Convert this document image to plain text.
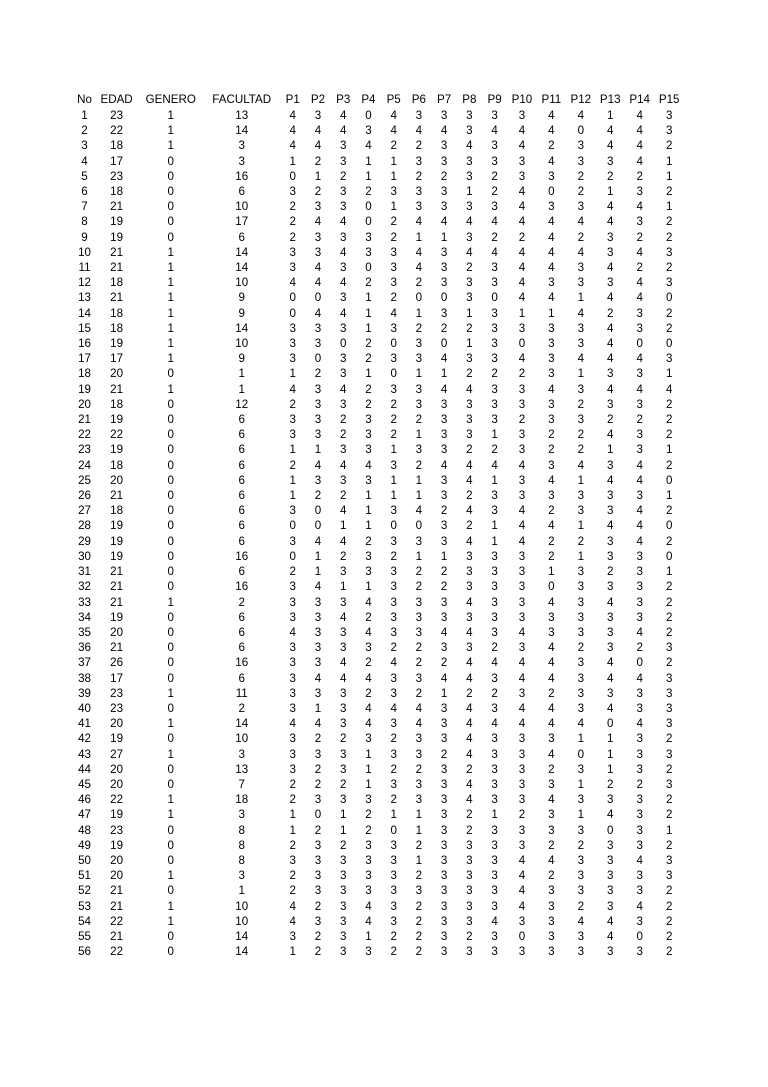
No	EDAD	GENERO	FACULTAD	P1	P2	P3	P4	P5	P6	P7	P8	P9	P10	P11	P12	P13	P14	P15
1	23	1	13	4	3	4	0	4	3	3	3	3	3	4	4	1	4	3
2	22	1	14	4	4	4	3	4	4	4	3	4	4	4	0	4	4	3
3	18	1	3	4	4	3	4	2	2	3	4	3	4	2	3	4	4	2
4	17	0	3	1	2	3	1	1	3	3	3	3	3	4	3	3	4	1
5	23	0	16	0	1	2	1	1	2	2	3	2	3	3	2	2	2	1
6	18	0	6	3	2	3	2	3	3	3	1	2	4	0	2	1	3	2
7	21	0	10	2	3	3	0	1	3	3	3	3	4	3	3	4	4	1
8	19	0	17	2	4	4	0	2	4	4	4	4	4	4	4	4	3	2
9	19	0	6	2	3	3	3	2	1	1	3	2	2	4	2	3	2	2
10	21	1	14	3	3	4	3	3	4	3	4	4	4	4	4	3	4	3
11	21	1	14	3	4	3	0	3	4	3	2	3	4	4	3	4	2	2
12	18	1	10	4	4	4	2	3	2	3	3	3	4	3	3	3	4	3
13	21	1	9	0	0	3	1	2	0	0	3	0	4	4	1	4	4	0
14	18	1	9	0	4	4	1	4	1	3	1	3	1	1	4	2	3	2
15	18	1	14	3	3	3	1	3	2	2	2	3	3	3	3	4	3	2
16	19	1	10	3	3	0	2	0	3	0	1	3	0	3	3	4	0	0
17	17	1	9	3	0	3	2	3	3	4	3	3	4	3	4	4	4	3
18	20	0	1	1	2	3	1	0	1	1	2	2	2	3	1	3	3	1
19	21	1	1	4	3	4	2	3	3	4	4	3	3	4	3	4	4	4
20	18	0	12	2	3	3	2	2	3	3	3	3	3	3	2	3	3	2
21	19	0	6	3	3	2	3	2	2	3	3	3	2	3	3	2	2	2
22	22	0	6	3	3	2	3	2	1	3	3	1	3	2	2	4	3	2
23	19	0	6	1	1	3	3	1	3	3	2	2	3	2	2	1	3	1
24	18	0	6	2	4	4	4	3	2	4	4	4	4	3	4	3	4	2
25	20	0	6	1	3	3	3	1	1	3	4	1	3	4	1	4	4	0
26	21	0	6	1	2	2	1	1	1	3	2	3	3	3	3	3	3	1
27	18	0	6	3	0	4	1	3	4	2	4	3	4	2	3	3	4	2
28	19	0	6	0	0	1	1	0	0	3	2	1	4	4	1	4	4	0
29	19	0	6	3	4	4	2	3	3	3	4	1	4	2	2	3	4	2
30	19	0	16	0	1	2	3	2	1	1	3	3	3	2	1	3	3	0
31	21	0	6	2	1	3	3	3	2	2	3	3	3	1	3	2	3	1
32	21	0	16	3	4	1	1	3	2	2	3	3	3	0	3	3	3	2
33	21	1	2	3	3	3	4	3	3	3	4	3	3	4	3	4	3	2
34	19	0	6	3	3	4	2	3	3	3	3	3	3	3	3	3	3	2
35	20	0	6	4	3	3	4	3	3	4	4	3	4	3	3	3	4	2
36	21	0	6	3	3	3	3	2	2	3	3	2	3	4	2	3	2	3
37	26	0	16	3	3	4	2	4	2	2	4	4	4	4	3	4	0	2
38	17	0	6	3	4	4	4	3	3	4	4	3	4	4	3	4	4	3
39	23	1	11	3	3	3	2	3	2	1	2	2	3	2	3	3	3	3
40	23	0	2	3	1	3	4	4	4	3	4	3	4	4	3	4	3	3
41	20	1	14	4	4	3	4	3	4	3	4	4	4	4	4	0	4	3
42	19	0	10	3	2	2	3	2	3	3	4	3	3	3	1	1	3	2
43	27	1	3	3	3	3	1	3	3	2	4	3	3	4	0	1	3	3
44	20	0	13	3	2	3	1	2	2	3	2	3	3	2	3	1	3	2
45	20	0	7	2	2	2	1	3	3	3	4	3	3	3	1	2	2	3
46	22	1	18	2	3	3	3	2	3	3	4	3	3	4	3	3	3	2
47	19	1	3	1	0	1	2	1	1	3	2	1	2	3	1	4	3	2
48	23	0	8	1	2	1	2	0	1	3	2	3	3	3	3	0	3	1
49	19	0	8	2	3	2	3	3	2	3	3	3	3	2	2	3	3	2
50	20	0	8	3	3	3	3	3	1	3	3	3	4	4	3	3	4	3
51	20	1	3	2	3	3	3	3	2	3	3	3	4	2	3	3	3	3
52	21	0	1	2	3	3	3	3	3	3	3	3	4	3	3	3	3	2
53	21	1	10	4	2	3	4	3	2	3	3	3	4	3	2	3	4	2
54	22	1	10	4	3	3	4	3	2	3	3	4	3	3	4	4	3	2
55	21	0	14	3	2	3	1	2	2	3	2	3	0	3	3	4	0	2
56	22	0	14	1	2	3	3	2	2	3	3	3	3	3	3	3	3	2
